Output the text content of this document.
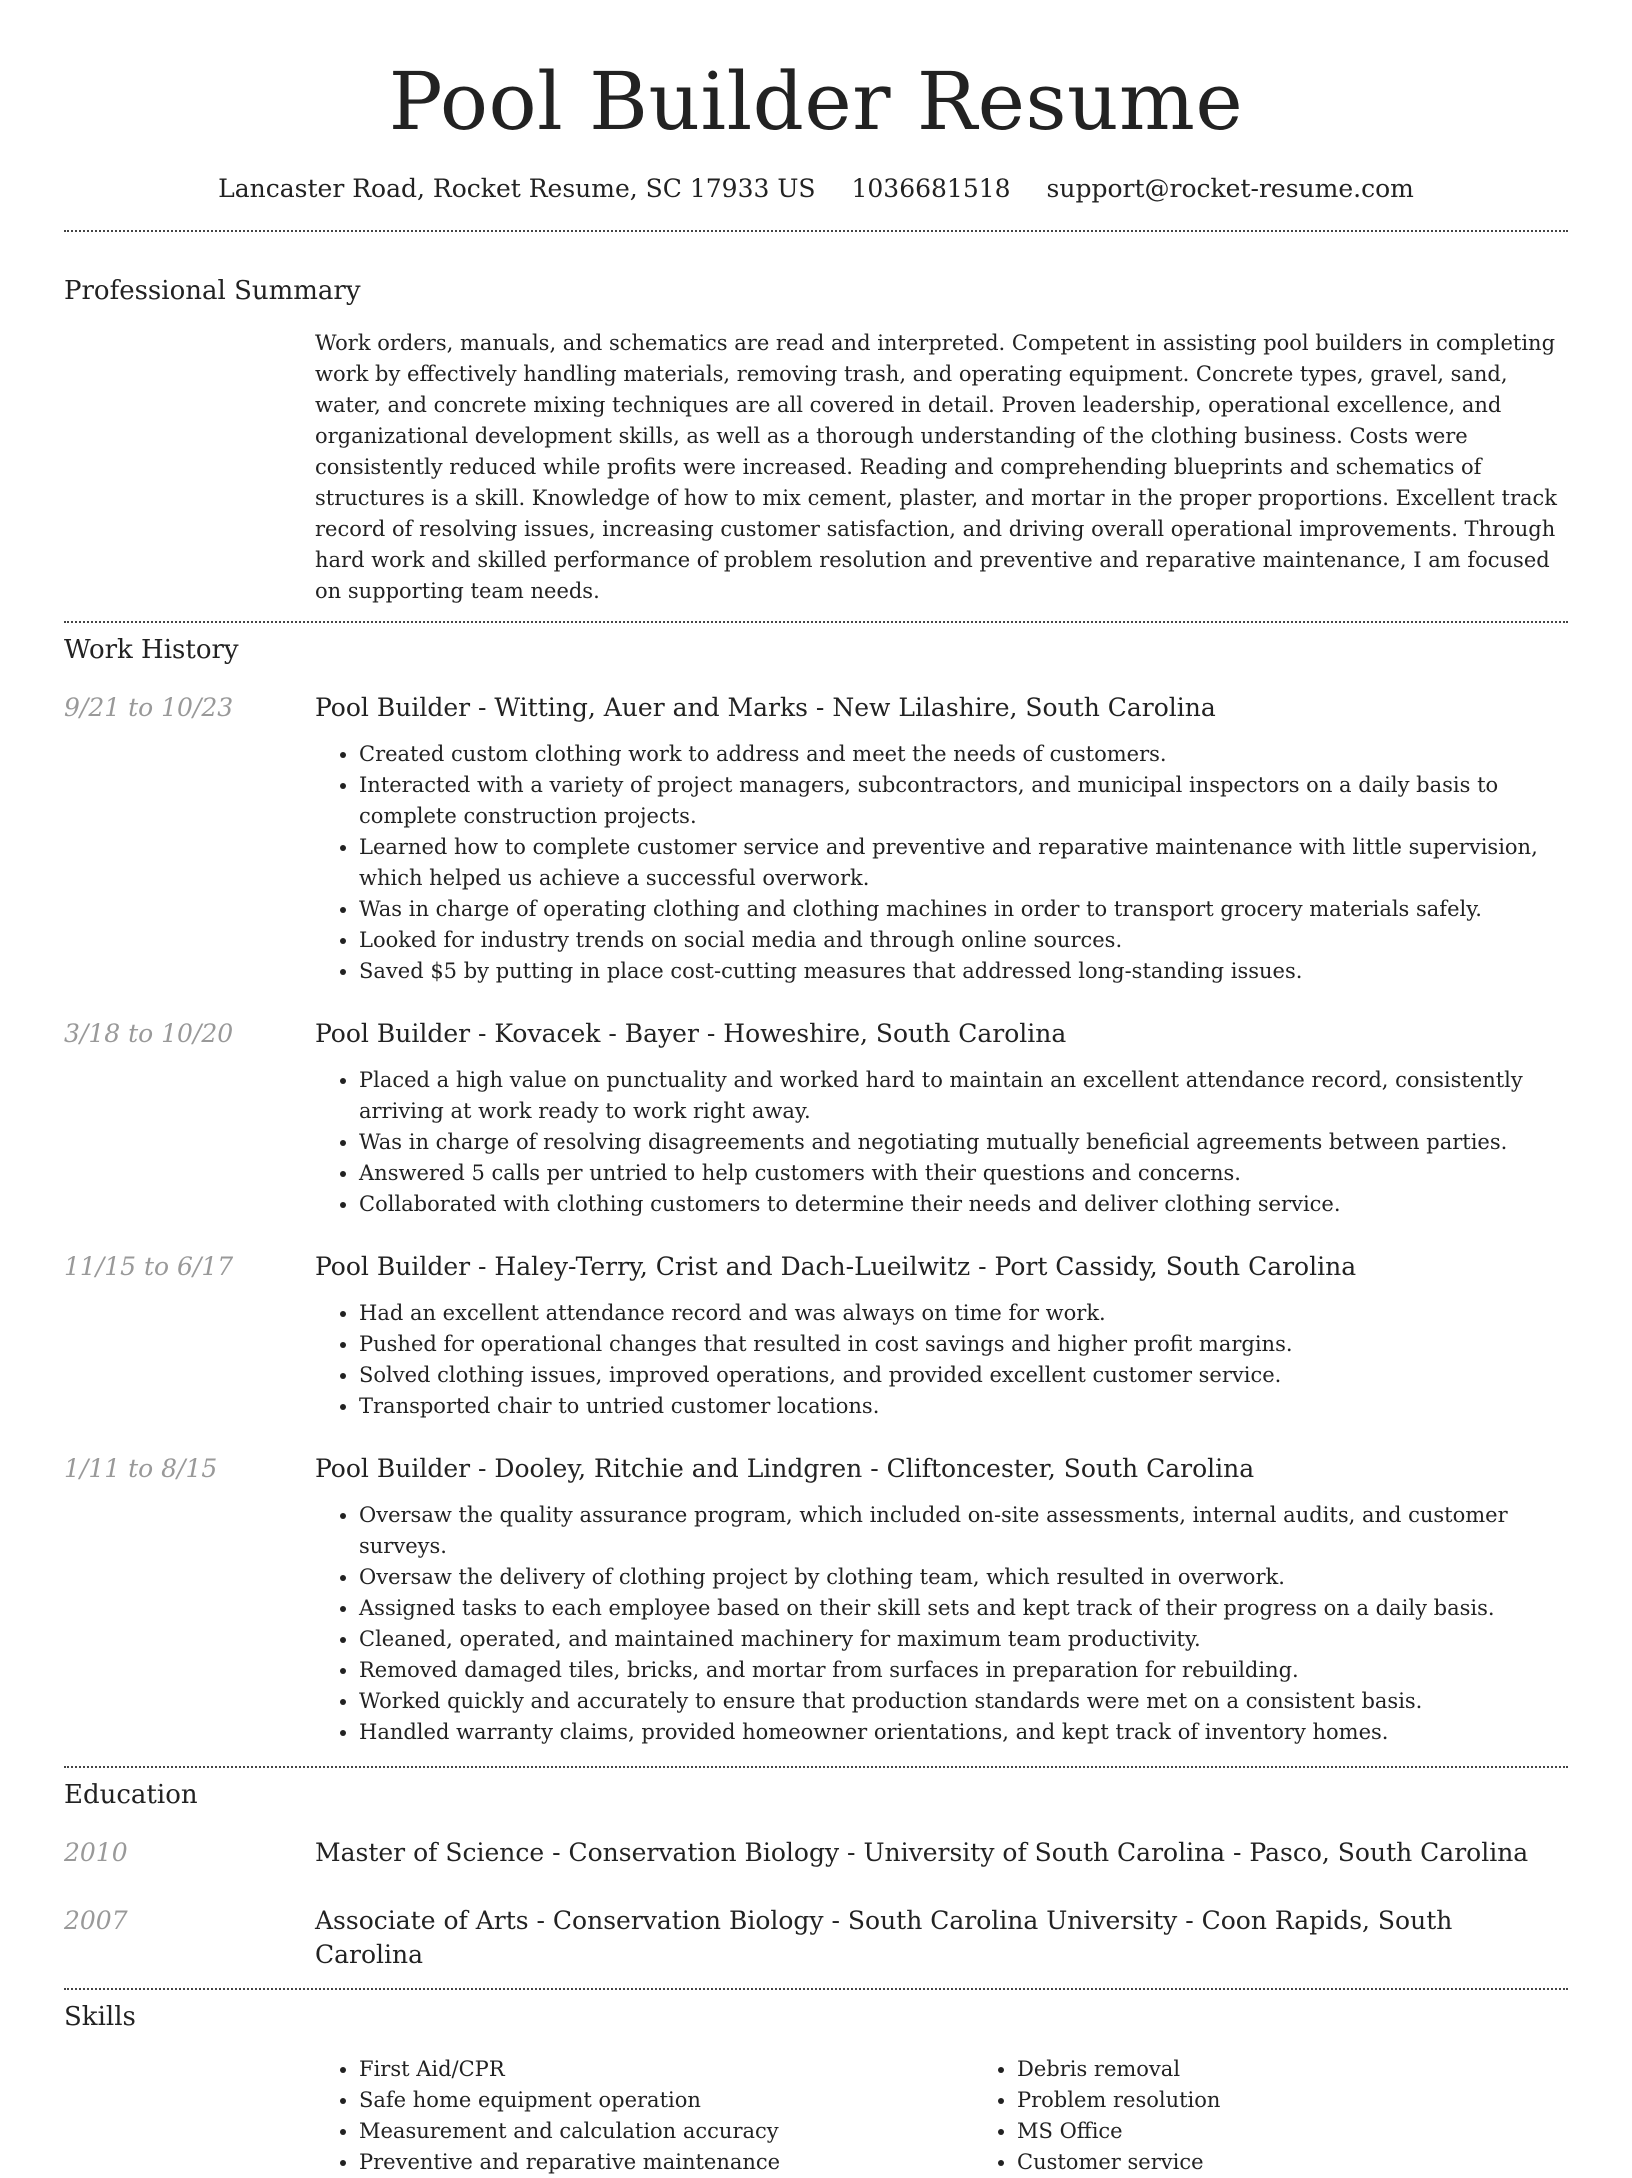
Pool Builder Resume
Lancaster Road, Rocket Resume, SC 17933 US 1036681518 support@rocket-resume.com
Professional Summary

Work orders, manuals, and schematics are read and interpreted. Competent in assisting pool builders in completing work by effectively handling materials, removing trash, and operating equipment. Concrete types, gravel, sand, water, and concrete mixing techniques are all covered in detail. Proven leadership, operational excellence, and organizational development skills, as well as a thorough understanding of the clothing business. Costs were consistently reduced while profits were increased. Reading and comprehending blueprints and schematics of structures is a skill. Knowledge of how to mix cement, plaster, and mortar in the proper proportions. Excellent track record of resolving issues, increasing customer satisfaction, and driving overall operational improvements. Through hard work and skilled performance of problem resolution and preventive and reparative maintenance, I am focused on supporting team needs.

Work History
9/21 to 10/23	Pool Builder - Witting, Auer and Marks - New Lilashire, South Carolina
• Created custom clothing work to address and meet the needs of customers.
• Interacted with a variety of project managers, subcontractors, and municipal inspectors on a daily basis to complete construction projects.
• Learned how to complete customer service and preventive and reparative maintenance with little supervision, which helped us achieve a successful overwork.
• Was in charge of operating clothing and clothing machines in order to transport grocery materials safely.
• Looked for industry trends on social media and through online sources.
• Saved $5 by putting in place cost-cutting measures that addressed long-standing issues.
3/18 to 10/20	Pool Builder - Kovacek - Bayer - Howeshire, South Carolina
• Placed a high value on punctuality and worked hard to maintain an excellent attendance record, consistently arriving at work ready to work right away.
• Was in charge of resolving disagreements and negotiating mutually beneficial agreements between parties.
• Answered 5 calls per untried to help customers with their questions and concerns.
• Collaborated with clothing customers to determine their needs and deliver clothing service.
11/15 to 6/17	Pool Builder - Haley-Terry, Crist and Dach-Lueilwitz - Port Cassidy, South Carolina
• Had an excellent attendance record and was always on time for work.
• Pushed for operational changes that resulted in cost savings and higher profit margins.
• Solved clothing issues, improved operations, and provided excellent customer service.
• Transported chair to untried customer locations.
1/11 to 8/15	Pool Builder - Dooley, Ritchie and Lindgren - Cliftoncester, South Carolina
• Oversaw the quality assurance program, which included on-site assessments, internal audits, and customer surveys.
• Oversaw the delivery of clothing project by clothing team, which resulted in overwork.
• Assigned tasks to each employee based on their skill sets and kept track of their progress on a daily basis.
• Cleaned, operated, and maintained machinery for maximum team productivity.
• Removed damaged tiles, bricks, and mortar from surfaces in preparation for rebuilding.
• Worked quickly and accurately to ensure that production standards were met on a consistent basis.
• Handled warranty claims, provided homeowner orientations, and kept track of inventory homes.
Education
2010	Master of Science - Conservation Biology - University of South Carolina - Pasco, South Carolina
2007	Associate of Arts - Conservation Biology - South Carolina University - Coon Rapids, South Carolina
Skills
• First Aid/CPR
• Safe home equipment operation
• Measurement and calculation accuracy
• Preventive and reparative maintenance
• Debris removal
• Problem resolution
• MS Office
• Customer service
